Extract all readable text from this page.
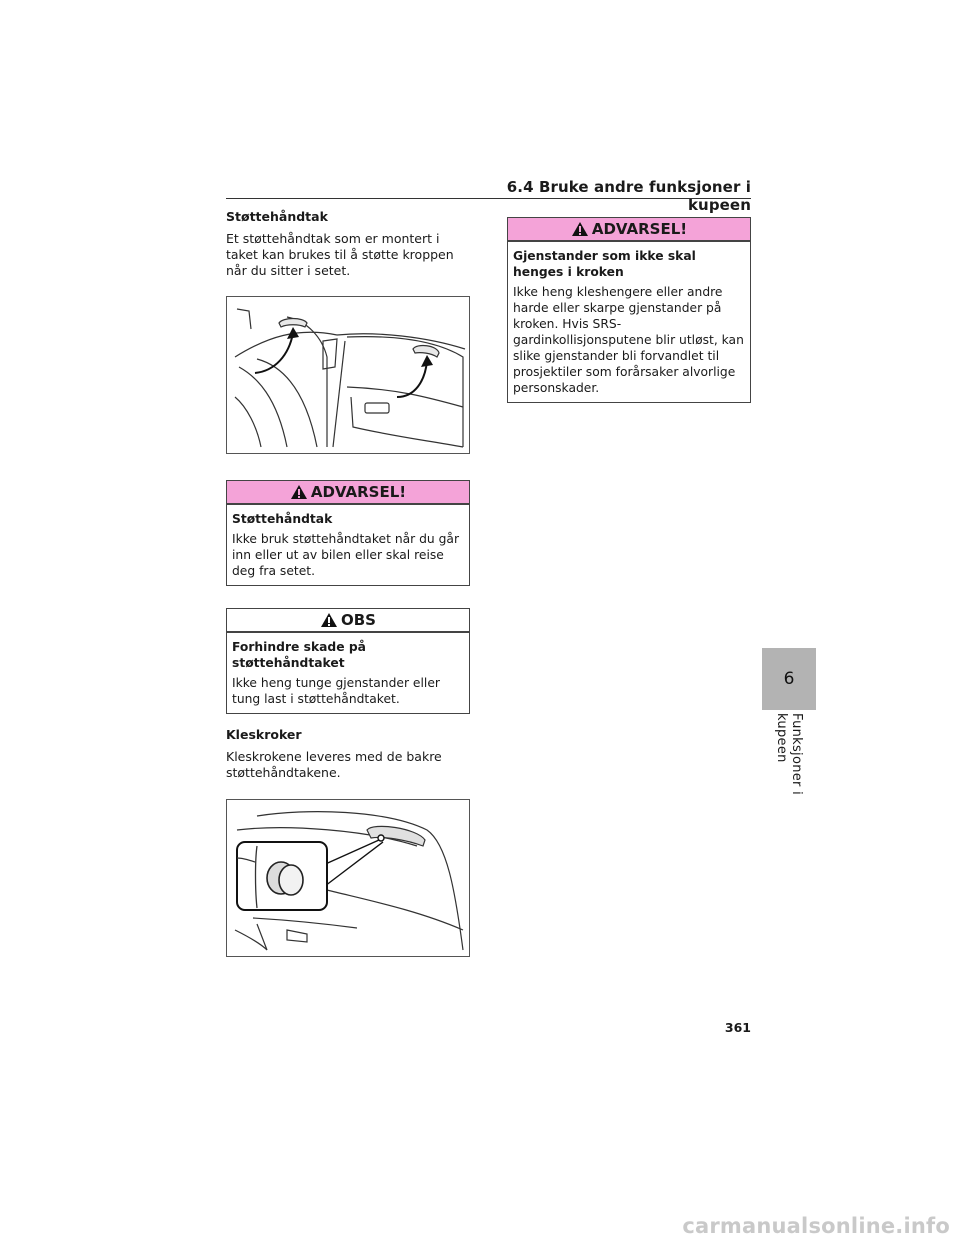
6.4 Bruke andre funksjoner i kupeen

Støttehåndtak

Et støttehåndtak som er montert i taket kan brukes til å støtte kroppen når du sitter i setet.

ADVARSEL!

Støttehåndtak

Ikke bruk støttehåndtaket når du går inn eller ut av bilen eller skal reise deg fra setet.

OBS

Forhindre skade på støttehåndtaket

Ikke heng tunge gjenstander eller tung last i støttehåndtaket.

Kleskroker

Kleskrokene leveres med de bakre støttehåndtakene.

ADVARSEL!

Gjenstander som ikke skal henges i kroken

Ikke heng kleshengere eller andre harde eller skarpe gjenstander på kroken. Hvis SRS-gardinkollisjonsputene blir utløst, kan slike gjenstander bli forvandlet til prosjektiler som forårsaker alvorlige personskader.

6
Funksjoner i kupeen
361
carmanualsonline.info
